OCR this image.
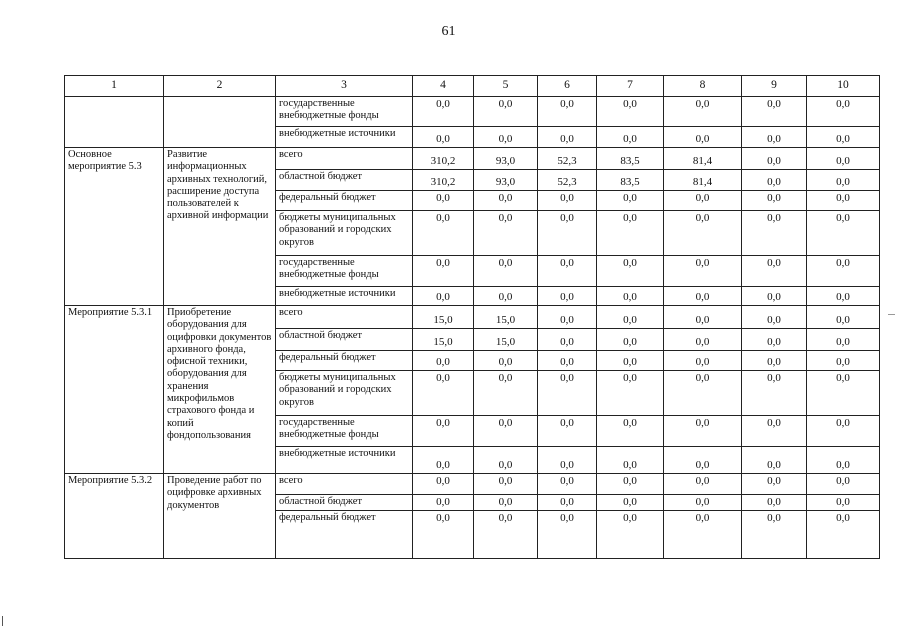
61
1	2	3	4	5	6	7	8	9	10
		государственные внебюджетные фонды	0,0	0,0	0,0	0,0	0,0	0,0	0,0
		внебюджетные источники	0,0	0,0	0,0	0,0	0,0	0,0	0,0
Основное мероприятие 5.3	Развитие информационных архивных технологий, расширение доступа пользователей к архивной информации	всего	310,2	93,0	52,3	83,5	81,4	0,0	0,0
		областной бюджет	310,2	93,0	52,3	83,5	81,4	0,0	0,0
		федеральный бюджет	0,0	0,0	0,0	0,0	0,0	0,0	0,0
		бюджеты муниципальных образований и городских округов	0,0	0,0	0,0	0,0	0,0	0,0	0,0
		государственные внебюджетные фонды	0,0	0,0	0,0	0,0	0,0	0,0	0,0
		внебюджетные источники	0,0	0,0	0,0	0,0	0,0	0,0	0,0
Мероприятие 5.3.1	Приобретение оборудования для оцифровки документов архивного фонда, офисной техники, оборудования для хранения микрофильмов страхового фонда и копий фондопользования	всего	15,0	15,0	0,0	0,0	0,0	0,0	0,0
		областной бюджет	15,0	15,0	0,0	0,0	0,0	0,0	0,0
		федеральный бюджет	0,0	0,0	0,0	0,0	0,0	0,0	0,0
		бюджеты муниципальных образований и городских округов	0,0	0,0	0,0	0,0	0,0	0,0	0,0
		государственные внебюджетные фонды	0,0	0,0	0,0	0,0	0,0	0,0	0,0
		внебюджетные источники	0,0	0,0	0,0	0,0	0,0	0,0	0,0
Мероприятие 5.3.2	Проведение работ по оцифровке архивных документов	всего	0,0	0,0	0,0	0,0	0,0	0,0	0,0
		областной бюджет	0,0	0,0	0,0	0,0	0,0	0,0	0,0
		федеральный бюджет	0,0	0,0	0,0	0,0	0,0	0,0	0,0
